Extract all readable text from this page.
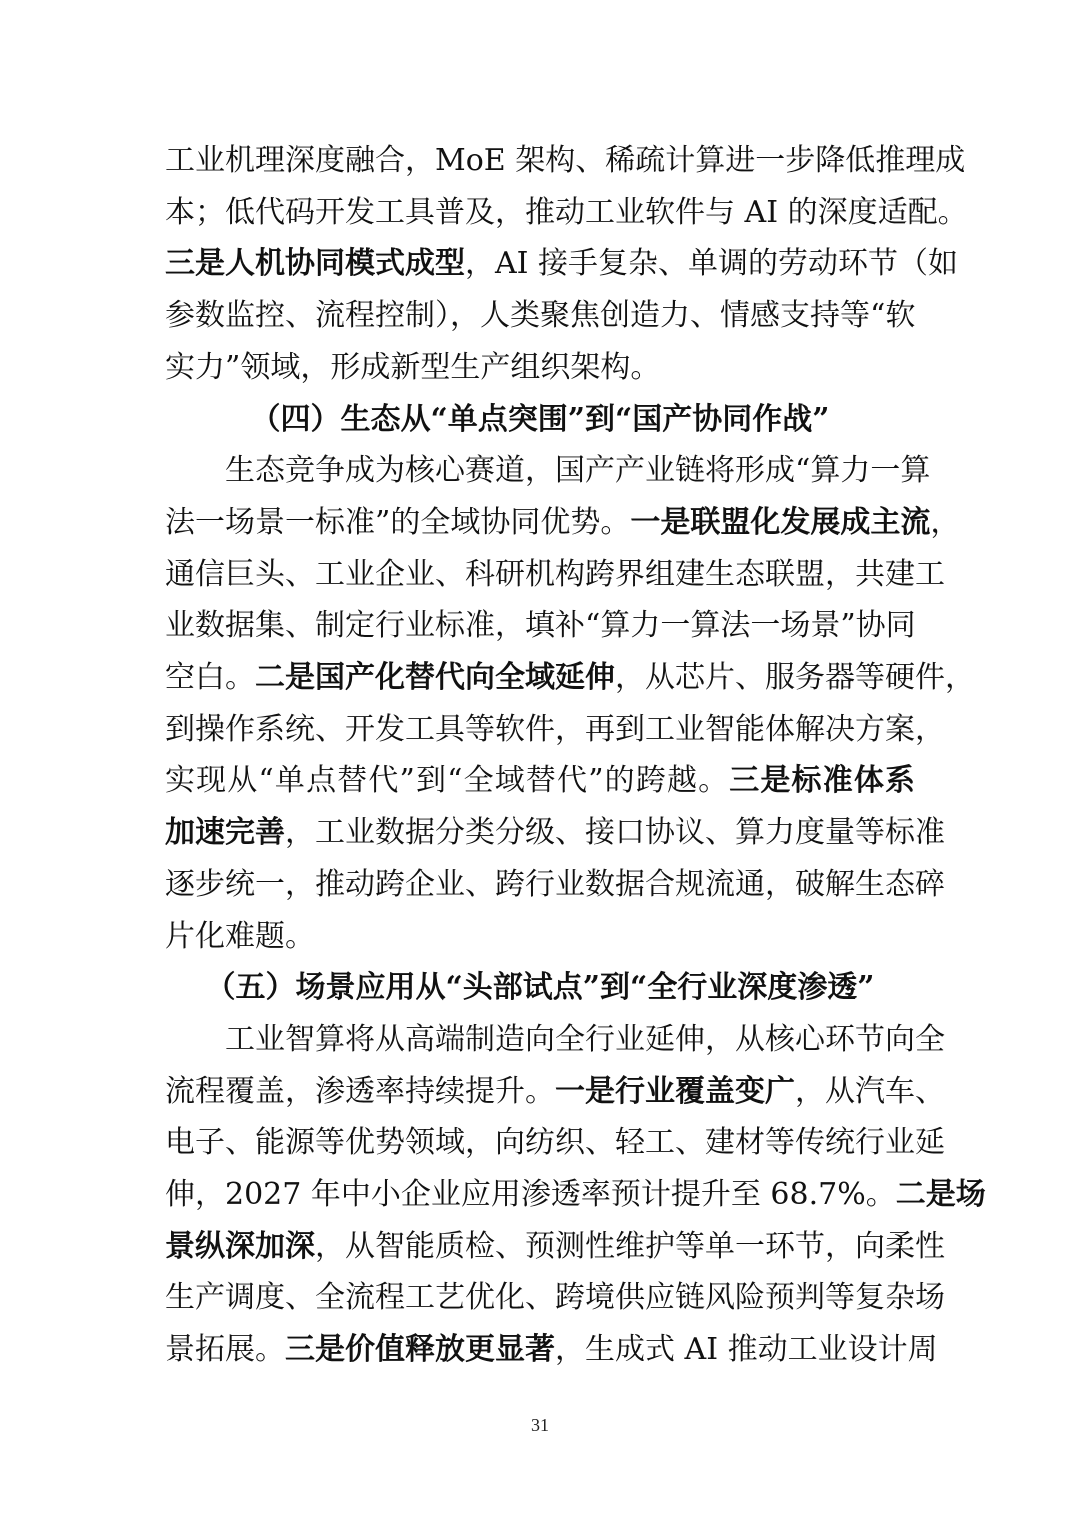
工业机理深度融合，MoE 架构、稀疏计算进一步降低推理成
本；低代码开发工具普及，推动工业软件与 AI 的深度适配。
三是人机协同模式成型，AI 接手复杂、单调的劳动环节（如
参数监控、流程控制），人类聚焦创造力、情感支持等“软
实力”领域，形成新型生产组织架构。
（四）生态从“单点突围”到“国产协同作战”
　　生态竞争成为核心赛道，国产产业链将形成“算力一算
法一场景一标准”的全域协同优势。一是联盟化发展成主流，
通信巨头、工业企业、科研机构跨界组建生态联盟，共建工
业数据集、制定行业标准，填补“算力一算法一场景”协同
空白。二是国产化替代向全域延伸，从芯片、服务器等硬件，
到操作系统、开发工具等软件，再到工业智能体解决方案，
实现从“单点替代”到“全域替代”的跨越。三是标准体系
加速完善，工业数据分类分级、接口协议、算力度量等标准
逐步统一，推动跨企业、跨行业数据合规流通，破解生态碎
片化难题。
（五）场景应用从“头部试点”到“全行业深度渗透”
　　工业智算将从高端制造向全行业延伸，从核心环节向全
流程覆盖，渗透率持续提升。一是行业覆盖变广，从汽车、
电子、能源等优势领域，向纺织、轻工、建材等传统行业延
伸，2027 年中小企业应用渗透率预计提升至 68.7%。二是场
景纵深加深，从智能质检、预测性维护等单一环节，向柔性
生产调度、全流程工艺优化、跨境供应链风险预判等复杂场
景拓展。三是价值释放更显著，生成式 AI 推动工业设计周
31
